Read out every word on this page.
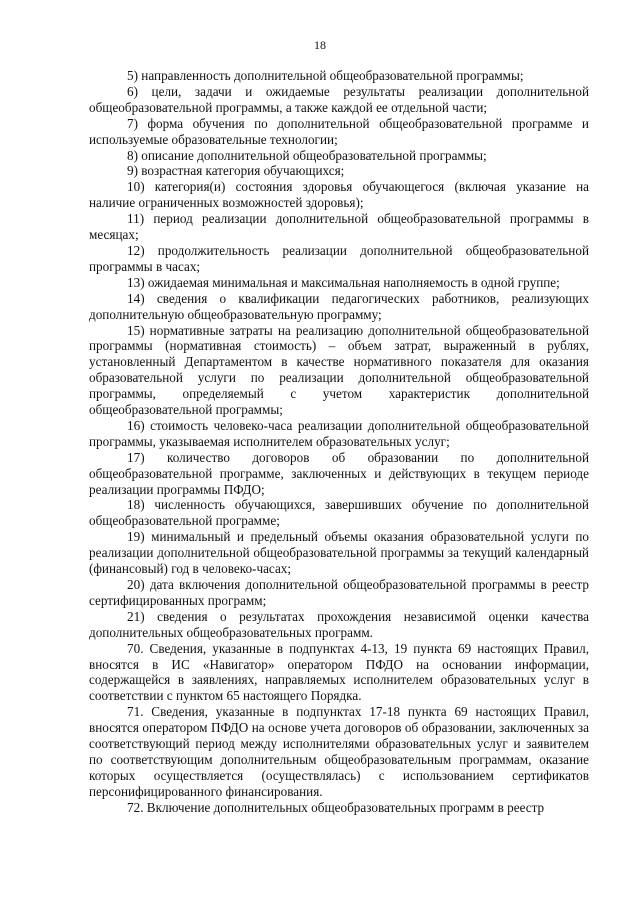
18

5) направленность дополнительной общеобразовательной программы;

6) цели, задачи и ожидаемые результаты реализации дополнительной общеобразовательной программы, а также каждой ее отдельной части;

7) форма обучения по дополнительной общеобразовательной программе и используемые образовательные технологии;

8) описание дополнительной общеобразовательной программы;

9) возрастная категория обучающихся;

10) категория(и) состояния здоровья обучающегося (включая указание на наличие ограниченных возможностей здоровья);

11) период реализации дополнительной общеобразовательной программы в месяцах;

12) продолжительность реализации дополнительной общеобразовательной программы в часах;

13) ожидаемая минимальная и максимальная наполняемость в одной группе;

14) сведения о квалификации педагогических работников, реализующих дополнительную общеобразовательную программу;

15) нормативные затраты на реализацию дополнительной общеобразовательной программы (нормативная стоимость) – объем затрат, выраженный в рублях, установленный Департаментом в качестве нормативного показателя для оказания образовательной услуги по реализации дополнительной общеобразовательной программы, определяемый с учетом характеристик дополнительной общеобразовательной программы;

16) стоимость человеко-часа реализации дополнительной общеобразовательной программы, указываемая исполнителем образовательных услуг;

17) количество договоров об образовании по дополнительной общеобразовательной программе, заключенных и действующих в текущем периоде реализации программы ПФДО;

18) численность обучающихся, завершивших обучение по дополнительной общеобразовательной программе;

19) минимальный и предельный объемы оказания образовательной услуги по реализации дополнительной общеобразовательной программы за текущий календарный (финансовый) год в человеко-часах;

20) дата включения дополнительной общеобразовательной программы в реестр сертифицированных программ;

21) сведения о результатах прохождения независимой оценки качества дополнительных общеобразовательных программ.

70. Сведения, указанные в подпунктах 4-13, 19 пункта 69 настоящих Правил, вносятся в ИС «Навигатор» оператором ПФДО на основании информации, содержащейся в заявлениях, направляемых исполнителем образовательных услуг в соответствии с пунктом 65 настоящего Порядка.

71. Сведения, указанные в подпунктах 17-18 пункта 69 настоящих Правил, вносятся оператором ПФДО на основе учета договоров об образовании, заключенных за соответствующий период между исполнителями образовательных услуг и заявителем по соответствующим дополнительным общеобразовательным программам, оказание которых осуществляется (осуществлялась) с использованием сертификатов персонифицированного финансирования.

72. Включение дополнительных общеобразовательных программ в реестр
